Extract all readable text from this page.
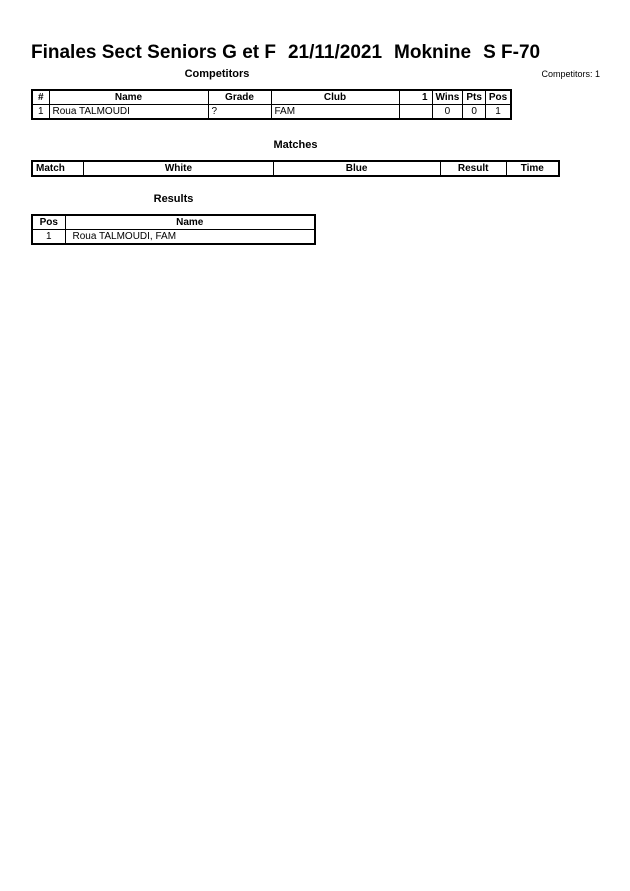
Finales Sect Seniors G et F 21/11/2021 Moknine S F-70
Competitors	Competitors: 1
#	Name	Grade	Club	1	Wins	Pts	Pos
1	Roua TALMOUDI	?	FAM		0	0	1
Matches
Match	White	Blue	Result	Time
Results
Pos	Name
1	Roua TALMOUDI, FAM
